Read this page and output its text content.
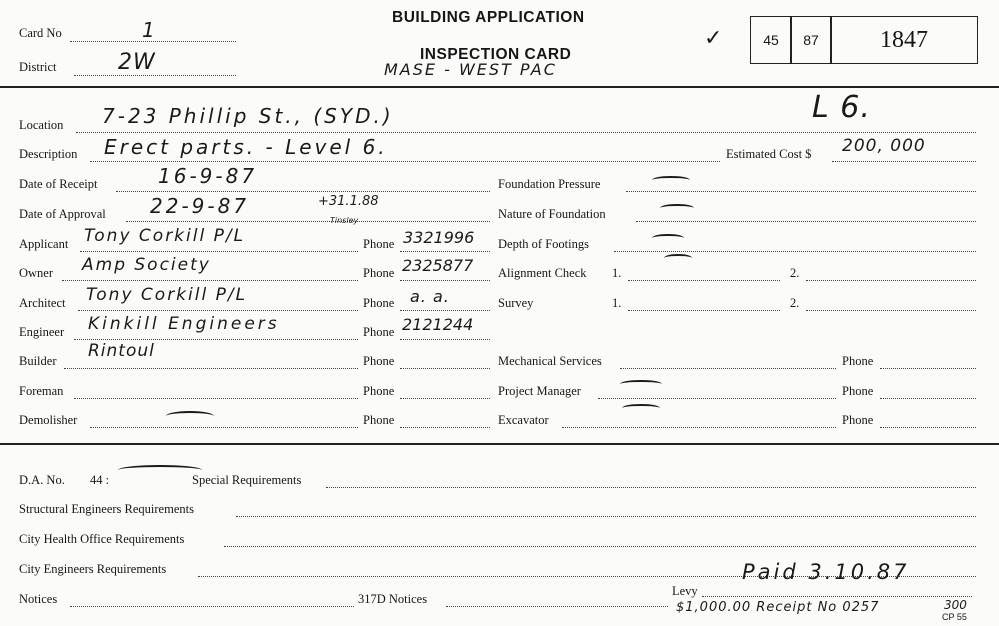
Card No	1
District	2W
BUILDING APPLICATION
INSPECTION CARD
MASE - WEST PAC
✓	45 87	1847
Location 7-23 Phillip St., (SYD.)	L 6.
Description Erect parts. - Level 6.	Estimated Cost $ 200, 000
Date of Receipt	16-9-87
Date of Approval 22-9-87	+31.1.88
Tinsley
Applicant Tony Corkill P/L	Phone 3321996
Owner Amp Society	Phone 2325877
Architect Tony Corkill P/L	Phone a. a.
Engineer Kinkill Engineers	Phone 2121244
Builder Rintoul	Phone
Foreman	Phone
Demolisher	Phone
Foundation Pressure
Nature of Foundation
Depth of Footings
Alignment Check 1.	2.
Survey	1.	2.
Mechanical Services	Phone
Project Manager	Phone
Excavator	Phone
D.A. No. 44 :	Special Requirements
Structural Engineers Requirements
City Health Office Requirements
City Engineers Requirements
Notices	317D Notices
Levy
Paid 3.10.87
$1,000.00 Receipt No 0257	300
CP 55
